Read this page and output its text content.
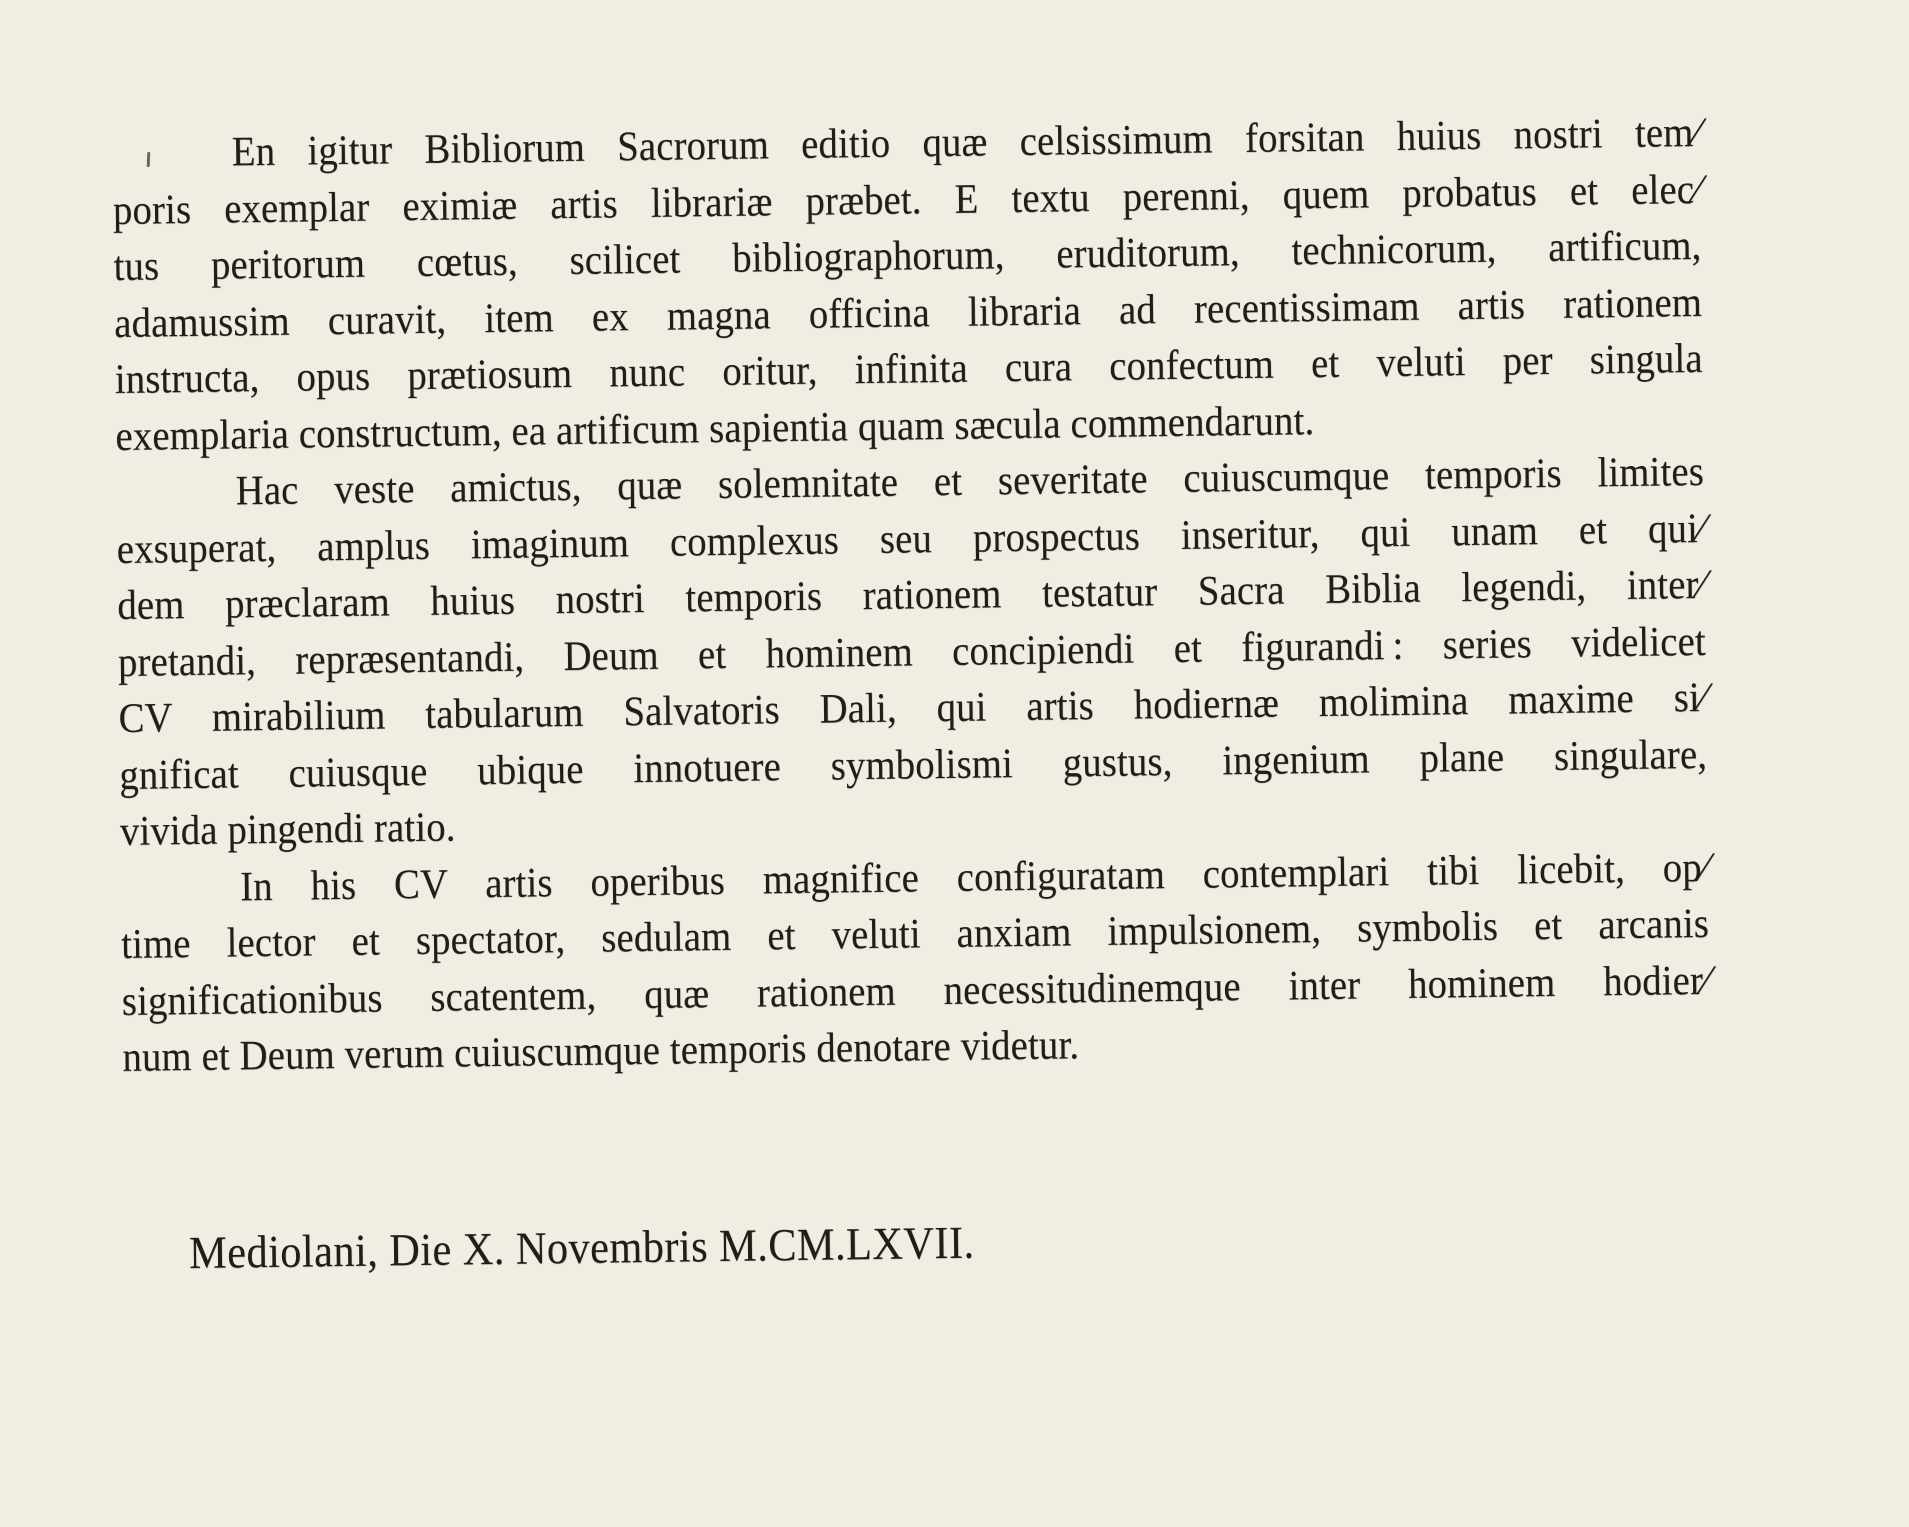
En igitur Bibliorum Sacrorum editio quæ celsissimum forsitan huius nostri tem⁄
poris exemplar eximiæ artis librariæ præbet. E textu perenni, quem probatus et elec⁄
tus peritorum cœtus, scilicet bibliographorum, eruditorum, technicorum, artificum,
adamussim curavit, item ex magna officina libraria ad recentissimam artis rationem
instructa, opus prætiosum nunc oritur, infinita cura confectum et veluti per singula
exemplaria constructum, ea artificum sapientia quam sæcula commendarunt.
Hac veste amictus, quæ solemnitate et severitate cuiuscumque temporis limites
exsuperat, amplus imaginum complexus seu prospectus inseritur, qui unam et qui⁄
dem præclaram huius nostri temporis rationem testatur Sacra Biblia legendi, inter⁄
pretandi, repræsentandi, Deum et hominem concipiendi et figurandi : series videlicet
CV mirabilium tabularum Salvatoris Dali, qui artis hodiernæ molimina maxime si⁄
gnificat cuiusque ubique innotuere symbolismi gustus, ingenium plane singulare,
vivida pingendi ratio.
In his CV artis operibus magnifice configuratam contemplari tibi licebit, op⁄
time lector et spectator, sedulam et veluti anxiam impulsionem, symbolis et arcanis
significationibus scatentem, quæ rationem necessitudinemque inter hominem hodier⁄
num et Deum verum cuiuscumque temporis denotare videtur.
Mediolani, Die X. Novembris M.CM.LXVII.
